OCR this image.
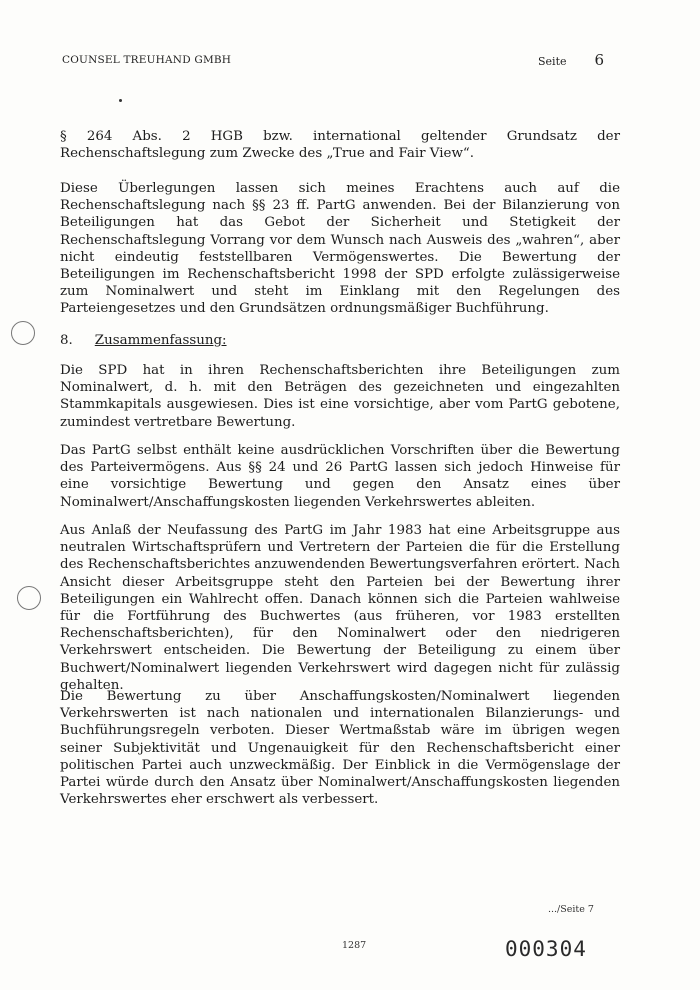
COUNSEL TREUHAND GMBH	Seite 6

§ 264 Abs. 2 HGB bzw. international geltender Grundsatz der Rechenschaftslegung zum Zwecke des „True and Fair View“.

Diese Überlegungen lassen sich meines Erachtens auch auf die Rechenschaftslegung nach §§ 23 ff. PartG anwenden. Bei der Bilanzierung von Beteiligungen hat das Gebot der Sicherheit und Stetigkeit der Rechenschaftslegung Vorrang vor dem Wunsch nach Ausweis des „wahren“, aber nicht eindeutig feststellbaren Vermögenswertes. Die Bewertung der Beteiligungen im Rechenschaftsbericht 1998 der SPD erfolgte zulässigerweise zum Nominalwert und steht im Einklang mit den Regelungen des Parteiengesetzes und den Grundsätzen ordnungsmäßiger Buchführung.

8. Zusammenfassung:

Die SPD hat in ihren Rechenschaftsberichten ihre Beteiligungen zum Nominalwert, d. h. mit den Beträgen des gezeichneten und eingezahlten Stammkapitals ausgewiesen. Dies ist eine vorsichtige, aber vom PartG gebotene, zumindest vertretbare Bewertung.

Das PartG selbst enthält keine ausdrücklichen Vorschriften über die Bewertung des Parteivermögens. Aus §§ 24 und 26 PartG lassen sich jedoch Hinweise für eine vorsichtige Bewertung und gegen den Ansatz eines über Nominalwert/Anschaffungskosten liegenden Verkehrswertes ableiten.

Aus Anlaß der Neufassung des PartG im Jahr 1983 hat eine Arbeitsgruppe aus neutralen Wirtschaftsprüfern und Vertretern der Parteien die für die Erstellung des Rechenschaftsberichtes anzuwendenden Bewertungsverfahren erörtert. Nach Ansicht dieser Arbeitsgruppe steht den Parteien bei der Bewertung ihrer Beteiligungen ein Wahlrecht offen. Danach können sich die Parteien wahlweise für die Fortführung des Buchwertes (aus früheren, vor 1983 erstellten Rechenschaftsberichten), für den Nominalwert oder den niedrigeren Verkehrswert entscheiden. Die Bewertung der Beteiligung zu einem über Buchwert/Nominalwert liegenden Verkehrswert wird dagegen nicht für zulässig gehalten.

Die Bewertung zu über Anschaffungskosten/Nominalwert liegenden Verkehrswerten ist nach nationalen und internationalen Bilanzierungs- und Buchführungsregeln verboten. Dieser Wertmaßstab wäre im übrigen wegen seiner Subjektivität und Ungenauigkeit für den Rechenschaftsbericht einer politischen Partei auch unzweckmäßig. Der Einblick in die Vermögenslage der Partei würde durch den Ansatz über Nominalwert/Anschaffungskosten liegenden Verkehrswertes eher erschwert als verbessert.

.../Seite 7
1287	000304
